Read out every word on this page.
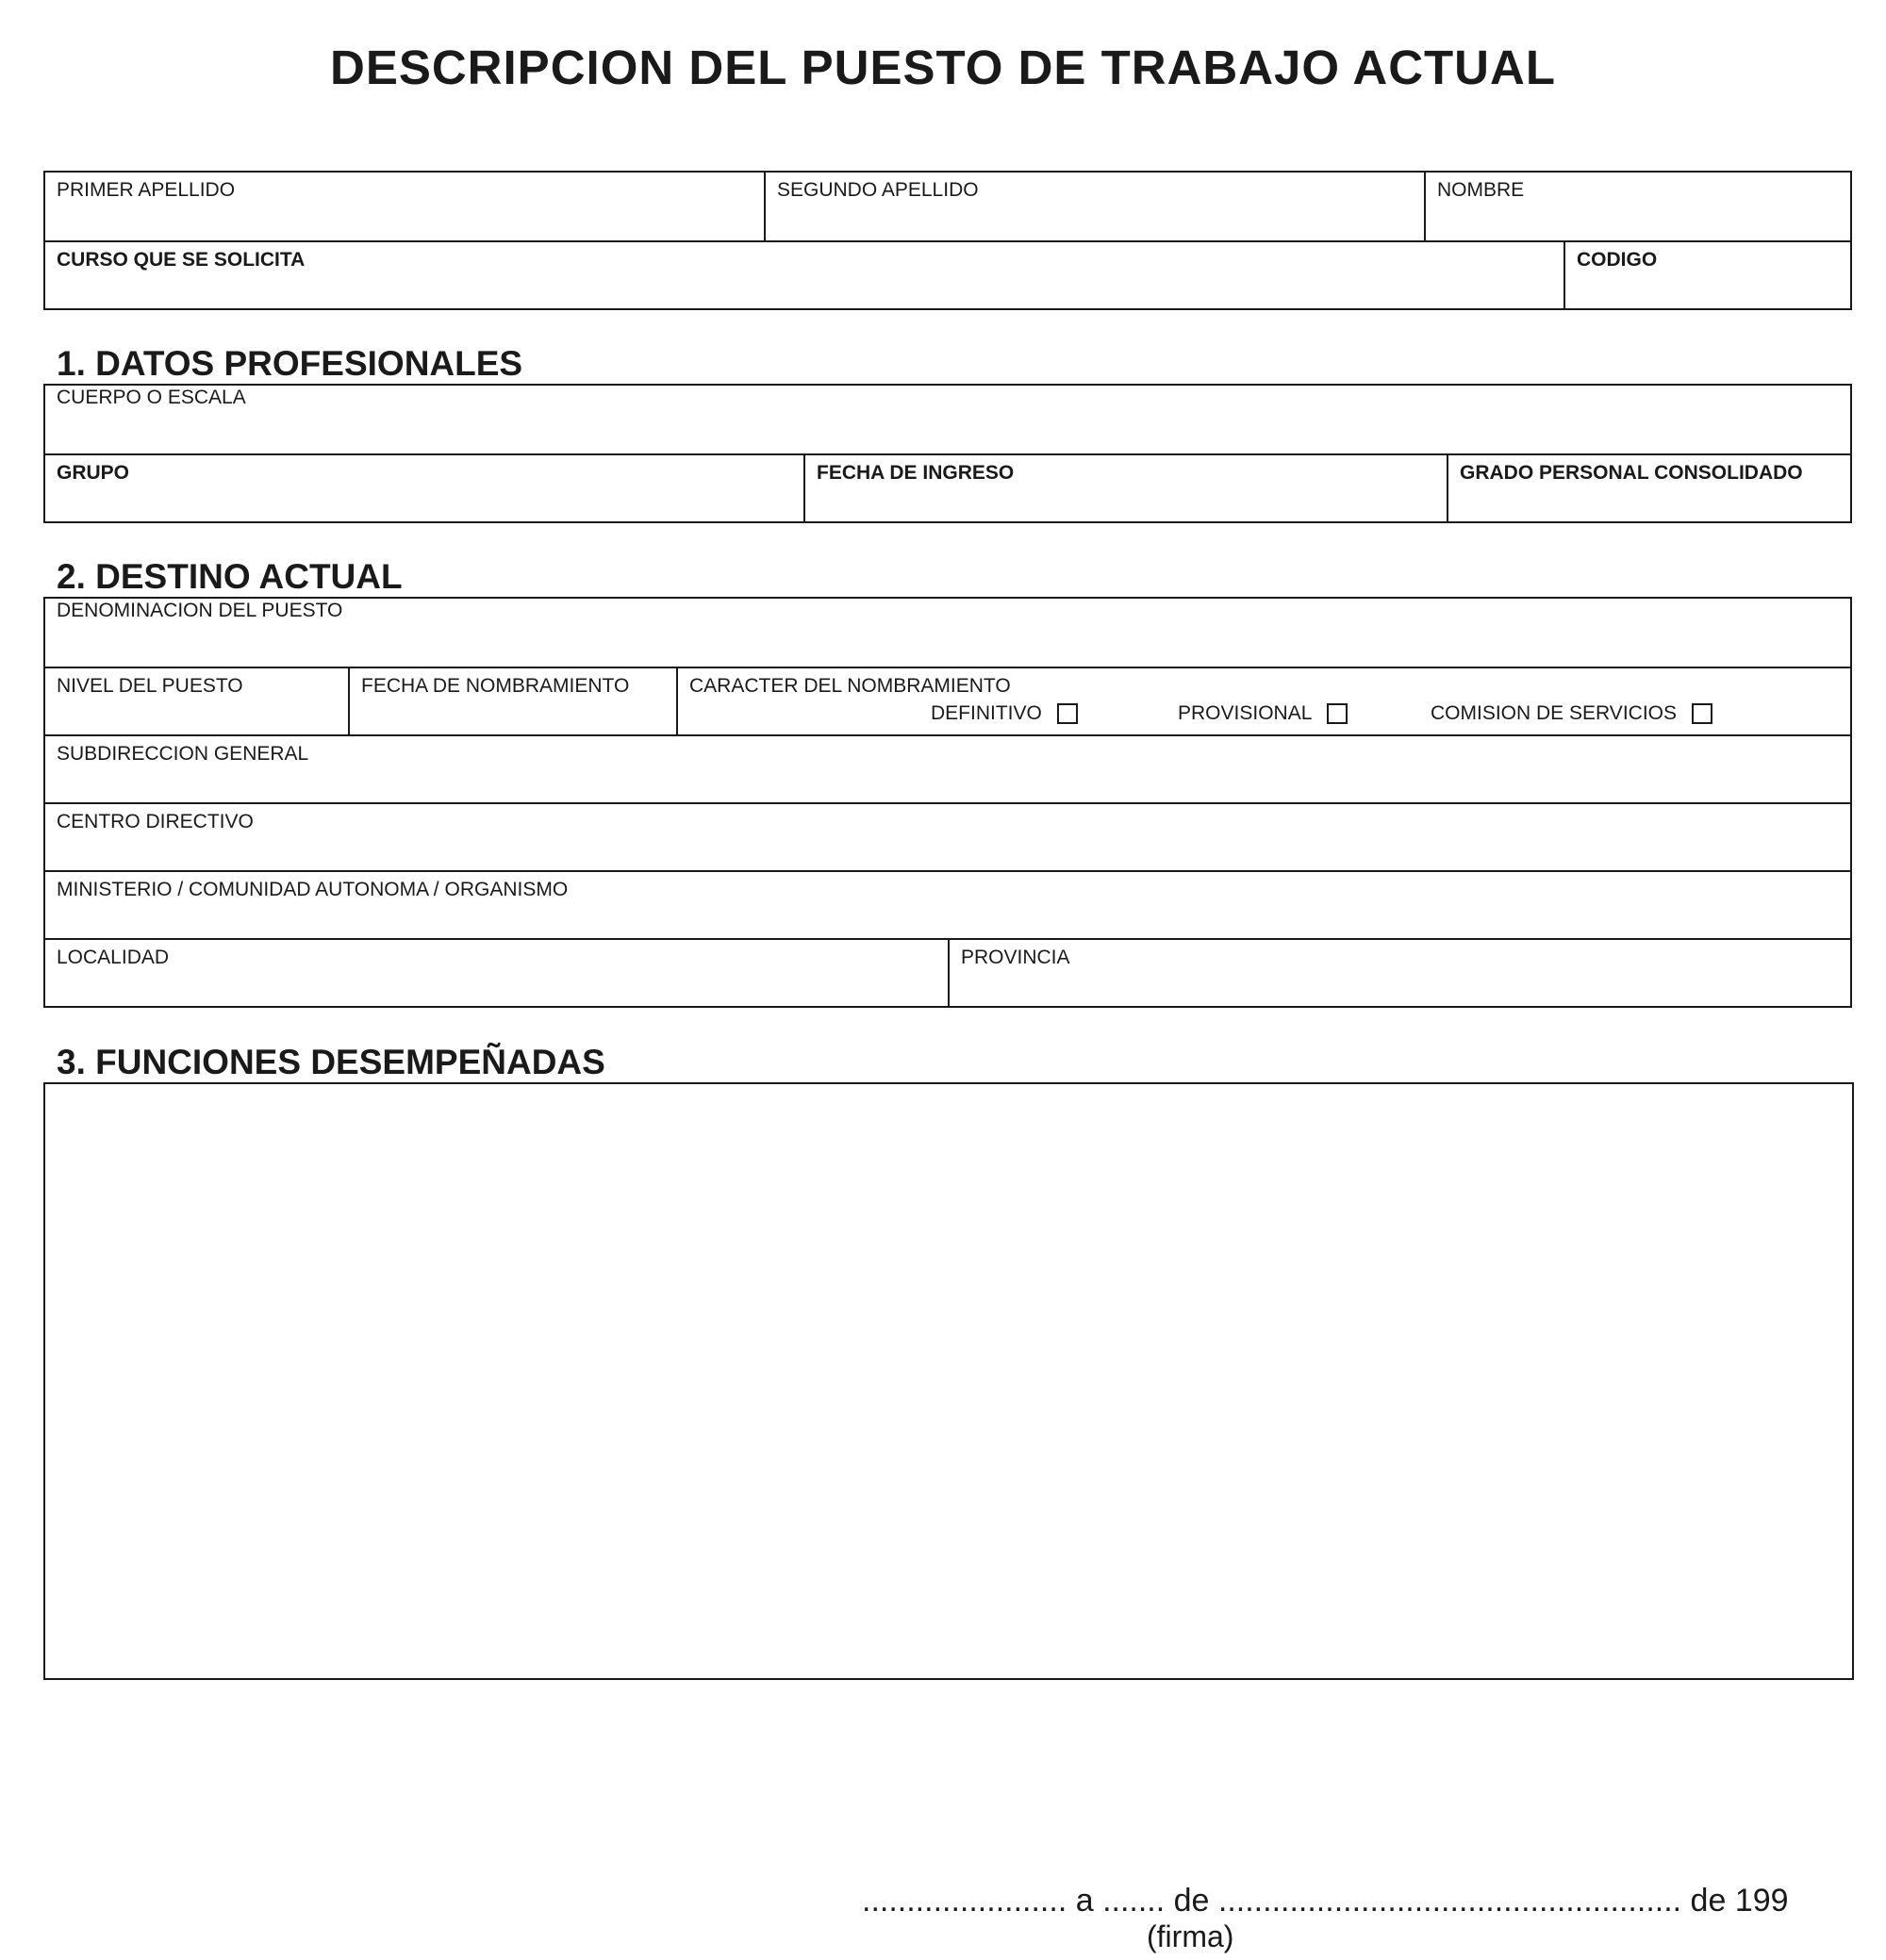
DESCRIPCION DEL PUESTO DE TRABAJO ACTUAL
PRIMER APELLIDO	SEGUNDO APELLIDO	NOMBRE
CURSO QUE SE SOLICITA	CODIGO
1. DATOS PROFESIONALES
CUERPO O ESCALA
GRUPO	FECHA DE INGRESO	GRADO PERSONAL CONSOLIDADO
2. DESTINO ACTUAL
DENOMINACION DEL PUESTO
NIVEL DEL PUESTO	FECHA DE NOMBRAMIENTO	CARACTER DEL NOMBRAMIENTO
DEFINITIVO	PROVISIONAL	COMISION DE SERVICIOS
SUBDIRECCION GENERAL
CENTRO DIRECTIVO
MINISTERIO / COMUNIDAD AUTONOMA / ORGANISMO
LOCALIDAD	PROVINCIA
3. FUNCIONES DESEMPEÑADAS
....................... a ....... de .................................................... de 199
(firma)
